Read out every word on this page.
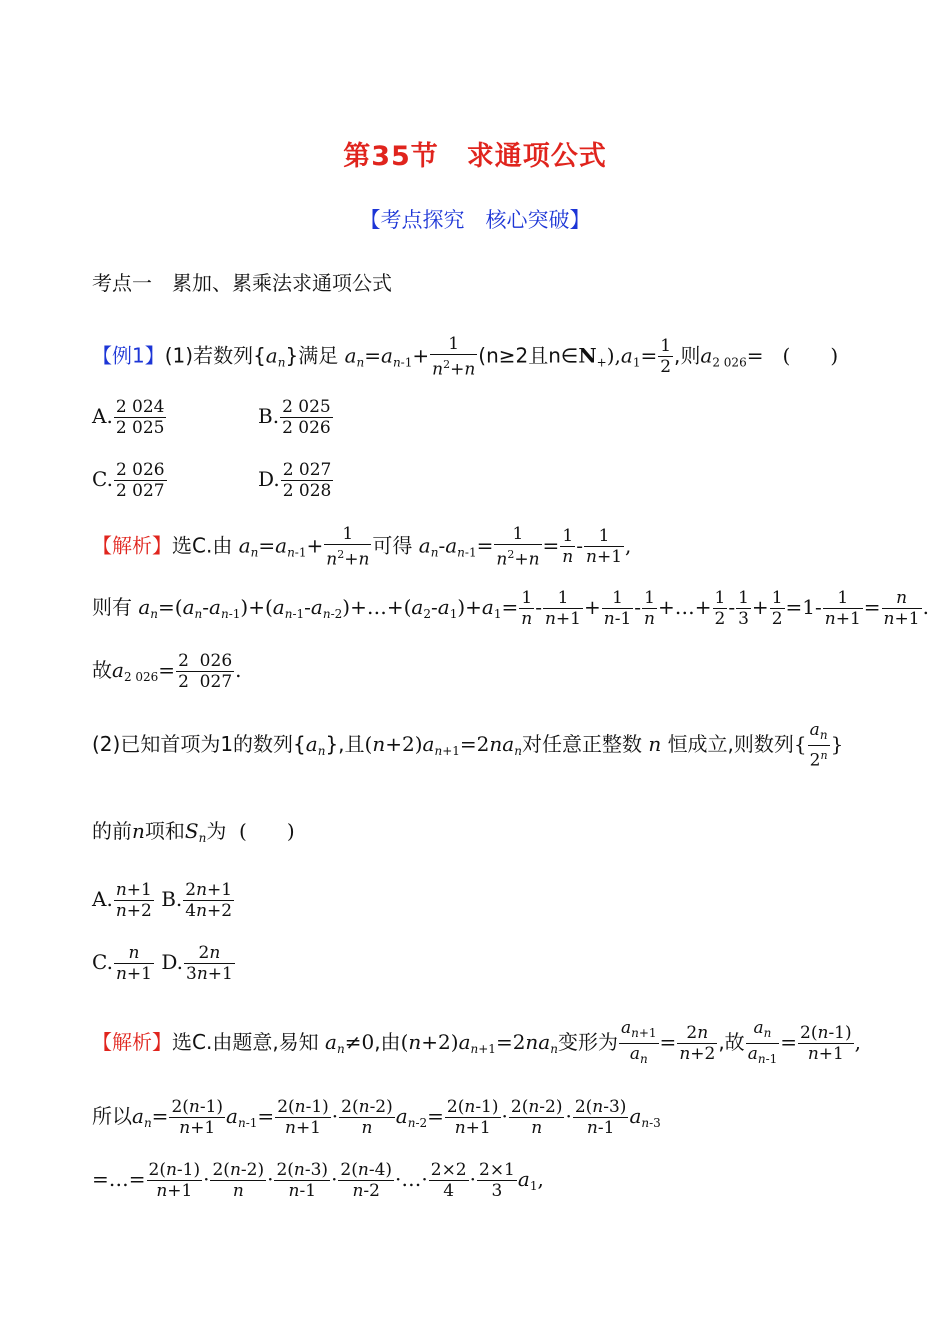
第35节　求通项公式
【考点探究　核心突破】
考点一　累加、累乘法求通项公式
【例1】(1)若数列$\{a_n\}$满足 $a_n=a_{n-1}+ \frac{1}{n^2+n} (n\ge 2$且$n\in N_+),a_1= \frac{1}{2}$ ,则$a_{2 026}=$   (　　)
A. $\frac{2 024}{2 025}$	B. $\frac{2 025}{2 026}$
C. $\frac{2 026}{2 027}$	D. $\frac{2 027}{2 028}$
【解析】选C.由 $a_n=a_{n-1}+ \frac{1}{n^2+n}$ 可得 $a_n-a_{n-1}= \frac{1}{n^2+n} = \frac{1}{n} - \frac{1}{n+1}$ ,
则有 $a_n=(a_n-a_{n-1})+(a_{n-1}-a_{n-2})+\dots+(a_2-a_1)+a_1= \frac{1}{n} - \frac{1}{n+1} + \frac{1}{n-1} - \frac{1}{n}$ +…+ $\frac{1}{2} - \frac{1}{3} + \frac{1}{2} =1- \frac{1}{n+1} = \frac{n}{n+1}$ .
故$a_{2 026}= \frac{2 026}{2 027}$ .
(2)已知首项为1的数列$\{a_n\}$,且$(n+2)a_{n+1}=2na_n$对任意正整数 n 恒成立,则数列{ $\frac{a_n}{2^n}$ }
的前n项和$S_n$为 (　　)
A. $\frac{n+1}{n+2} B$. $\frac{2n+1}{4n+2}$
C. $\frac{n}{n+1} D$. $\frac{2n}{3n+1}$
【解析】选C.由题意,易知 $a_n\ne 0$,由$(n+2)a_{n+1}=2na_n$变形为 $\frac{a_{n+1}}{a_n} = \frac{2n}{n+2}$ ,故 $\frac{a_n}{a_{n-1}} = \frac{2(n-1)}{n+1}$ ,
所以$a_n= \frac{2(n-1)}{n+1} a_{n-1}= \frac{2(n-1)}{n+1} \cdot \frac{2(n-2)}{n} a_{n-2}= \frac{2(n-1)}{n+1} \cdot \frac{2(n-2)}{n} \cdot \frac{2(n-3)}{n-1} a_{n-3}$
=…= $\frac{2(n-1)}{n+1} \cdot \frac{2(n-2)}{n} \cdot \frac{2(n-3)}{n-1} \cdot \frac{2(n-4)}{n-2}$ ·…· $\frac{2\times 2}{4} \cdot \frac{2\times 1}{3} a_1$,
